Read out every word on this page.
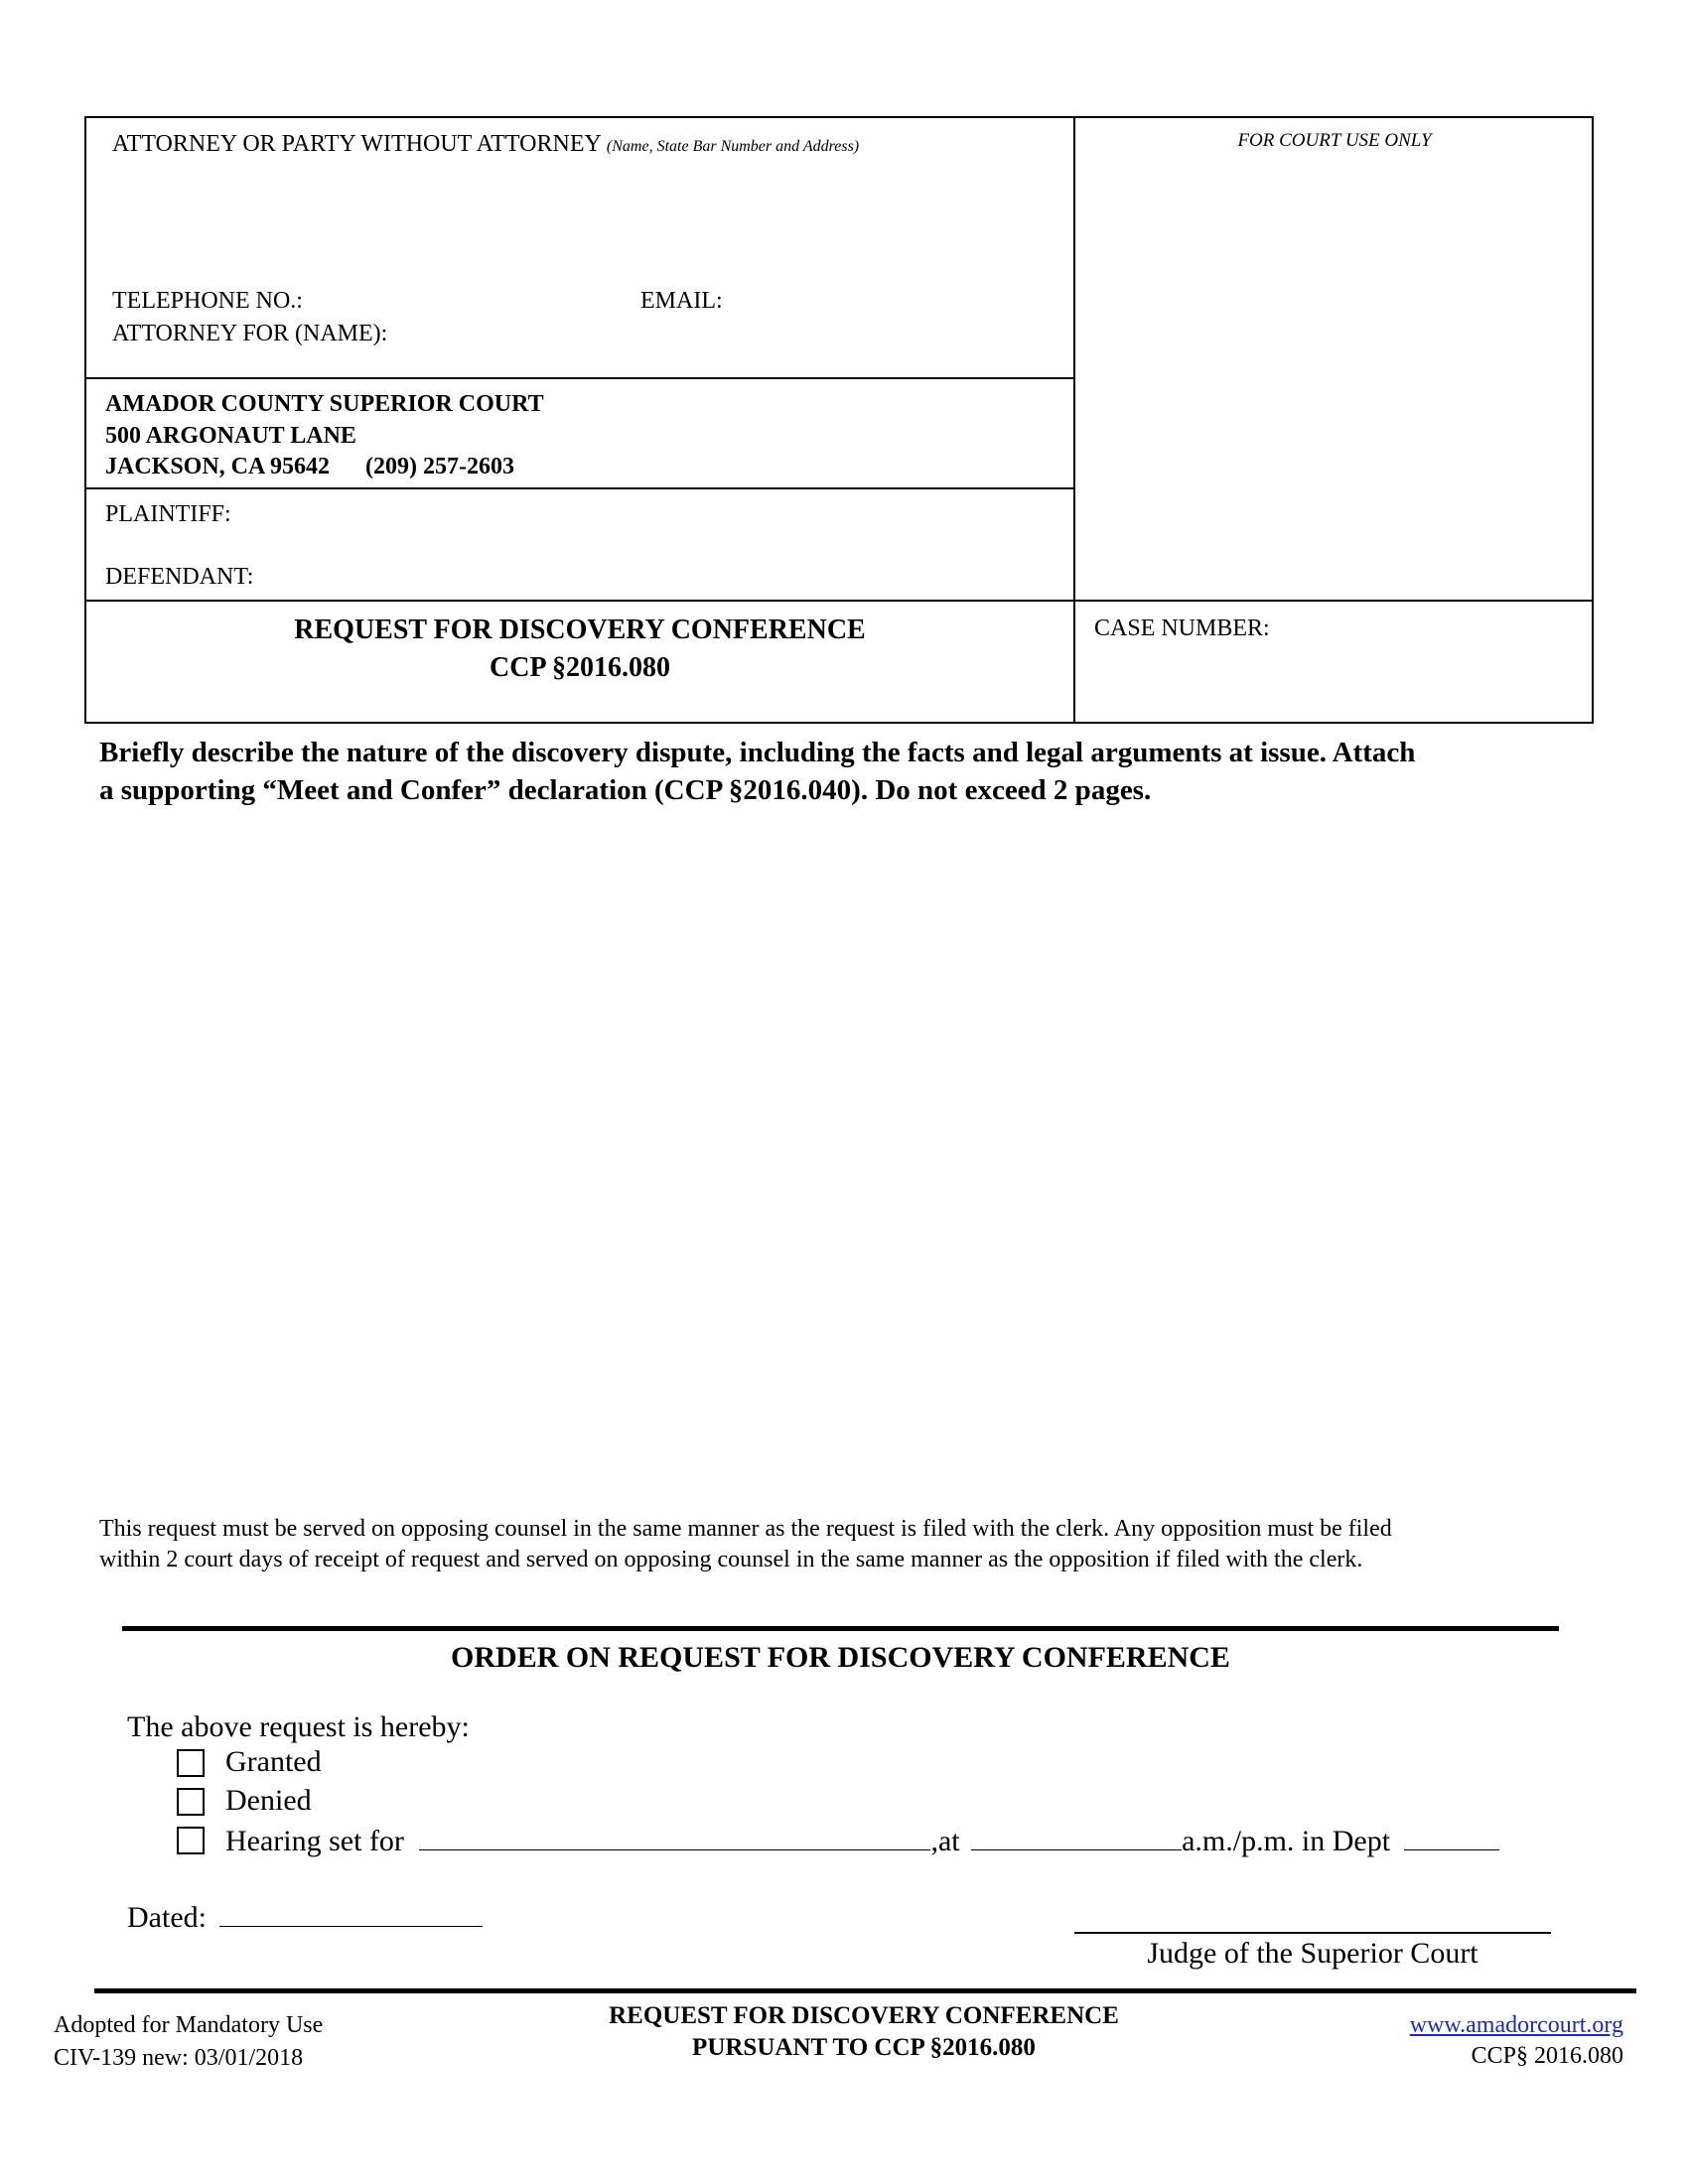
ATTORNEY OR PARTY WITHOUT ATTORNEY (Name, State Bar Number and Address)
TELEPHONE NO.:	EMAIL:
ATTORNEY FOR (NAME):
FOR COURT USE ONLY
AMADOR COUNTY SUPERIOR COURT
500 ARGONAUT LANE
JACKSON, CA 95642 (209) 257-2603
PLAINTIFF:
DEFENDANT:
REQUEST FOR DISCOVERY CONFERENCE
CCP §2016.080
CASE NUMBER:
Briefly describe the nature of the discovery dispute, including the facts and legal arguments at issue. Attach
a supporting “Meet and Confer” declaration (CCP §2016.040). Do not exceed 2 pages.
This request must be served on opposing counsel in the same manner as the request is filed with the clerk. Any opposition must be filed
within 2 court days of receipt of request and served on opposing counsel in the same manner as the opposition if filed with the clerk.
ORDER ON REQUEST FOR DISCOVERY CONFERENCE
The above request is hereby:
Granted
Denied
Hearing set for	,at	a.m./p.m. in Dept
Dated:
Judge of the Superior Court
Adopted for Mandatory Use
CIV-139 new: 03/01/2018
REQUEST FOR DISCOVERY CONFERENCE
PURSUANT TO CCP §2016.080
www.amadorcourt.org
CCP§ 2016.080
